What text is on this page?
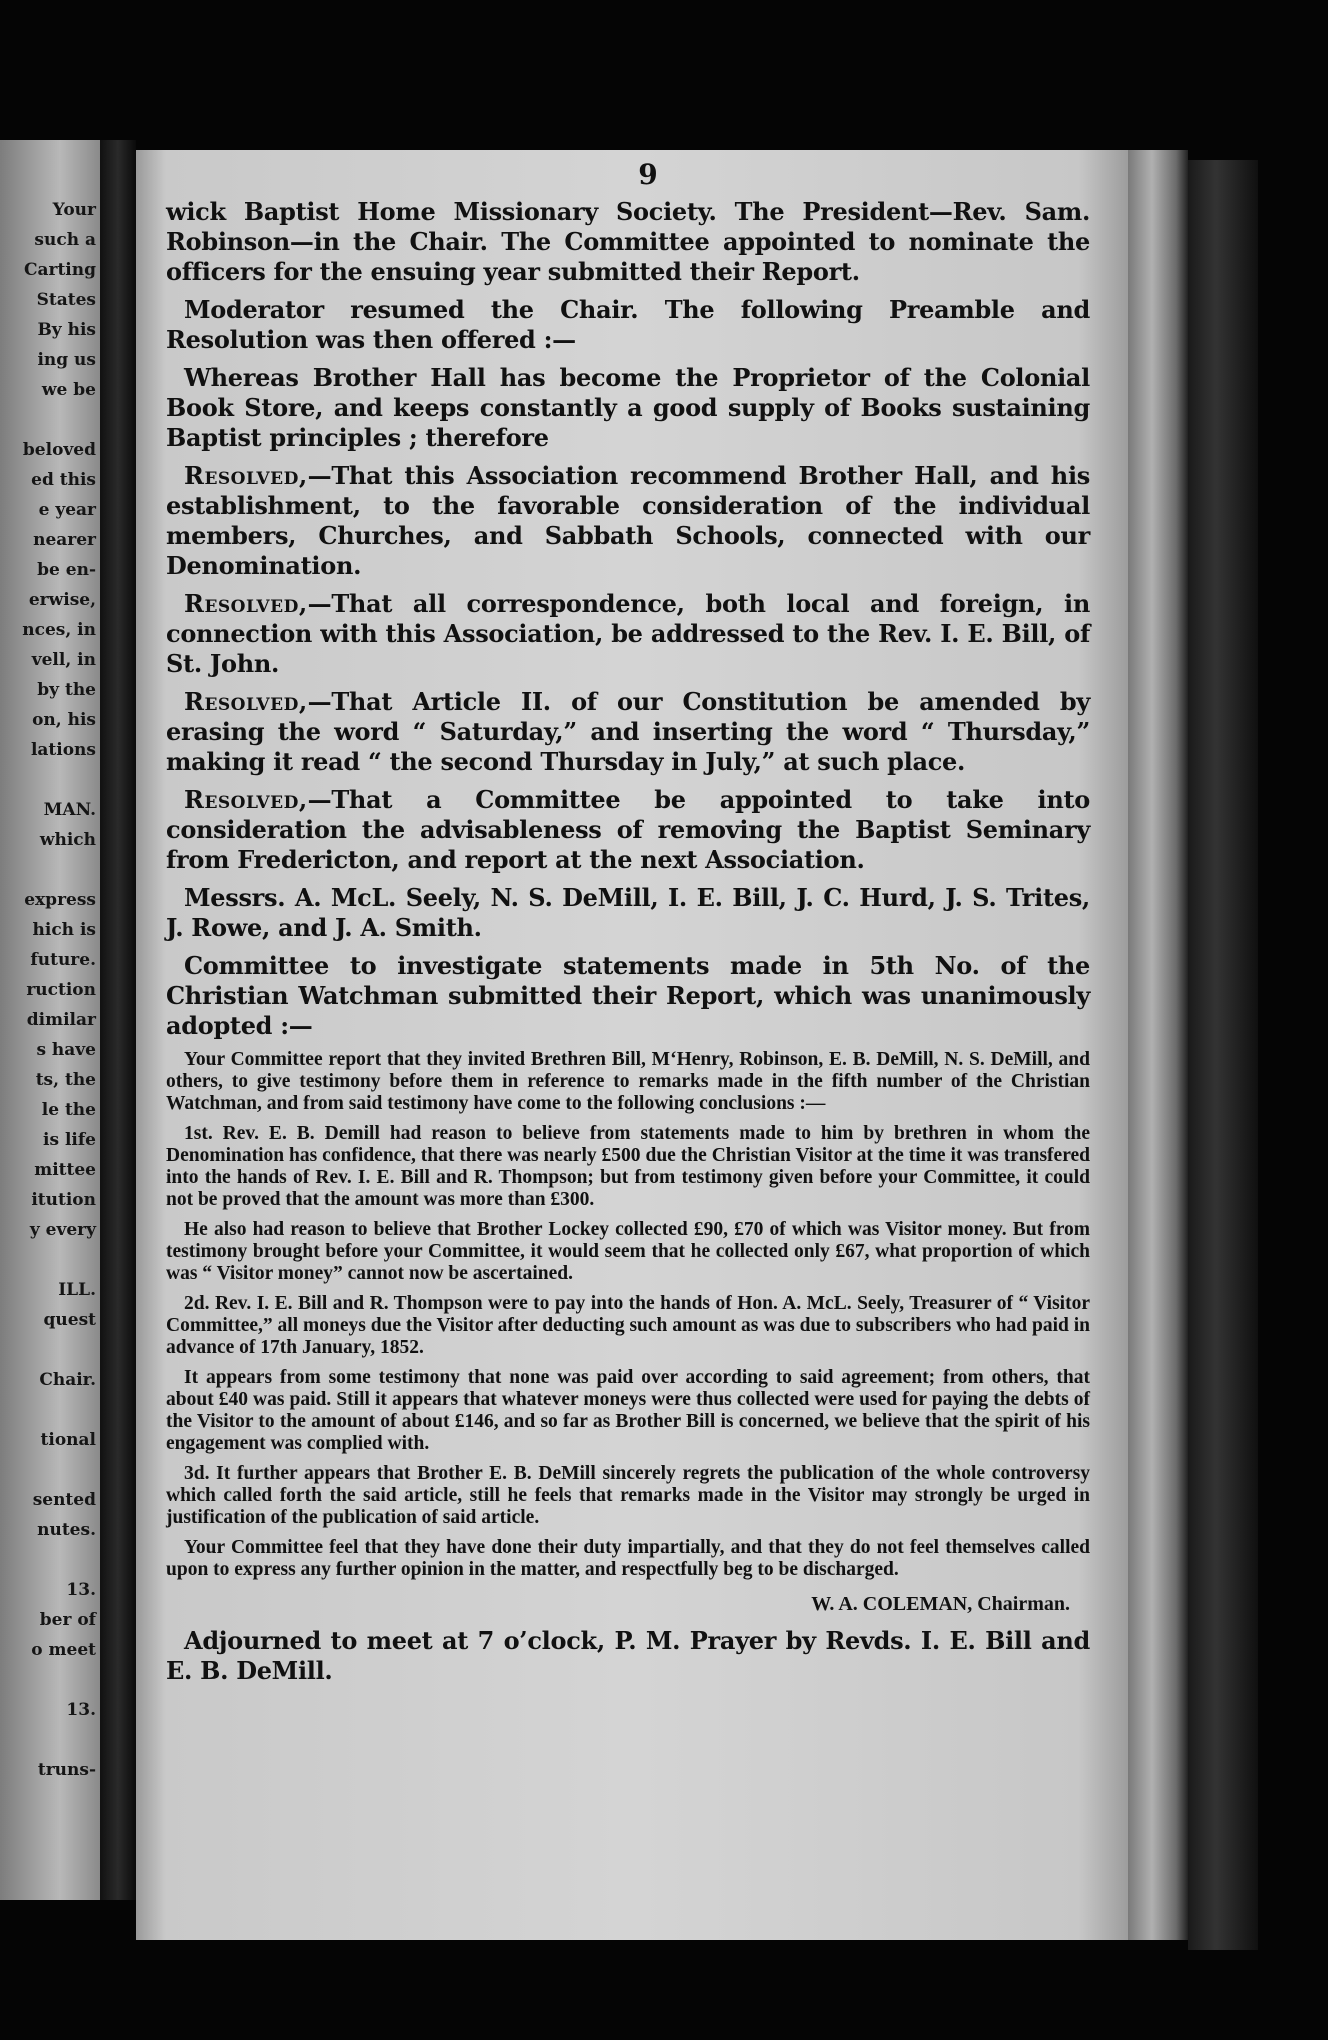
Your
such a
Carting
States
By his
ing us
we be
beloved
ed this
e year
nearer
be en-
erwise,
nces, in
vell, in
by the
on, his
lations
MAN.
which
express
hich is
future.
ruction
dimilar
s have
ts, the
le the
is life
mittee
itution
y every
ILL.
quest
Chair.
tional
sented
nutes.
13.
ber of
o meet
13.
truns-
9

wick Baptist Home Missionary Society. The President—Rev. Sam. Robinson—in the Chair. The Committee appointed to nominate the officers for the ensuing year submitted their Report.

Moderator resumed the Chair. The following Preamble and Resolution was then offered :—

Whereas Brother Hall has become the Proprietor of the Colonial Book Store, and keeps constantly a good supply of Books sustaining Baptist principles ; therefore

Resolved,—That this Association recommend Brother Hall, and his establishment, to the favorable consideration of the individual members, Churches, and Sabbath Schools, connected with our Denomination.

Resolved,—That all correspondence, both local and foreign, in connection with this Association, be addressed to the Rev. I. E. Bill, of St. John.

Resolved,—That Article II. of our Constitution be amended by erasing the word “ Saturday,” and inserting the word “ Thursday,” making it read “ the second Thursday in July,” at such place.

Resolved,—That a Committee be appointed to take into consideration the advisableness of removing the Baptist Seminary from Fredericton, and report at the next Association.

Messrs. A. McL. Seely, N. S. DeMill, I. E. Bill, J. C. Hurd, J. S. Trites, J. Rowe, and J. A. Smith.

Committee to investigate statements made in 5th No. of the Christian Watchman submitted their Report, which was unanimously adopted :—

Your Committee report that they invited Brethren Bill, M‘Henry, Robinson, E. B. DeMill, N. S. DeMill, and others, to give testimony before them in reference to remarks made in the fifth number of the Christian Watchman, and from said testimony have come to the following conclusions :—

1st. Rev. E. B. Demill had reason to believe from statements made to him by brethren in whom the Denomination has confidence, that there was nearly £500 due the Christian Visitor at the time it was transfered into the hands of Rev. I. E. Bill and R. Thompson; but from testimony given before your Committee, it could not be proved that the amount was more than £300.

He also had reason to believe that Brother Lockey collected £90, £70 of which was Visitor money. But from testimony brought before your Committee, it would seem that he collected only £67, what proportion of which was “ Visitor money” cannot now be ascertained.

2d. Rev. I. E. Bill and R. Thompson were to pay into the hands of Hon. A. McL. Seely, Treasurer of “ Visitor Committee,” all moneys due the Visitor after deducting such amount as was due to subscribers who had paid in advance of 17th January, 1852.

It appears from some testimony that none was paid over according to said agreement; from others, that about £40 was paid. Still it appears that whatever moneys were thus collected were used for paying the debts of the Visitor to the amount of about £146, and so far as Brother Bill is concerned, we believe that the spirit of his engagement was complied with.

3d. It further appears that Brother E. B. DeMill sincerely regrets the publication of the whole controversy which called forth the said article, still he feels that remarks made in the Visitor may strongly be urged in justification of the publication of said article.

Your Committee feel that they have done their duty impartially, and that they do not feel themselves called upon to express any further opinion in the matter, and respectfully beg to be discharged.

W. A. COLEMAN, Chairman.

Adjourned to meet at 7 o’clock, P. M. Prayer by Revds. I. E. Bill and E. B. DeMill.
